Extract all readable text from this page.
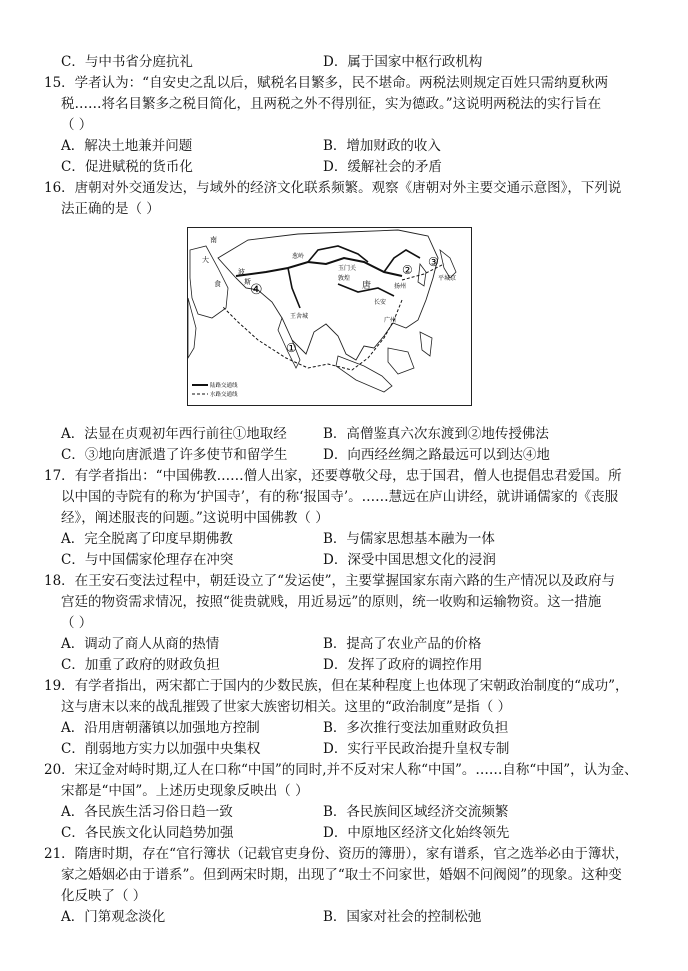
C．与中书省分庭抗礼	D．属于国家中枢行政机构
15．学者认为：“自安史之乱以后，赋税名目繁多，民不堪命。两税法则规定百姓只需纳夏秋两
税……将名目繁多之税目简化，且两税之外不得別征，实为德政。”这说明两税法的实行旨在
（ ）
A．解决土地兼并问题	B．增加财政的收入
C．促进赋税的货币化	D．缓解社会的矛盾
16．唐朝对外交通发达，与域外的经济文化联系频繁。观察《唐朝对外主要交通示意图》，下列说
法正确的是（ ）
南
大
食
波
斯
葱岭
玉门关
敦煌
唐
长安
扬州
广州
平城京
王舍城
①
②
③
④
陆路交通线
水路交通线
A．法显在贞观初年西行前往①地取经	B．高僧鉴真六次东渡到②地传授佛法
C．③地向唐派遣了许多使节和留学生	D．向西经丝绸之路最远可以到达④地
17．有学者指出：“中国佛教……僧人出家，还要尊敬父母，忠于国君，僧人也提倡忠君爱国。所
以中国的寺院有的称为‘护国寺’，有的称‘报国寺’。……慧远在庐山讲经，就讲诵儒家的《丧服
经》，阐述服丧的问题。”这说明中国佛教（ ）
A．完全脱离了印度早期佛教	B．与儒家思想基本融为一体
C．与中国儒家伦理存在冲突	D．深受中国思想文化的浸润
18．在王安石变法过程中，朝廷设立了“发运使”，主要掌握国家东南六路的生产情况以及政府与
宫廷的物资需求情况，按照“徙贵就贱，用近易远”的原则，统一收购和运输物资。这一措施
（ ）
A．调动了商人从商的热情	B．提高了农业产品的价格
C．加重了政府的财政负担	D．发挥了政府的调控作用
19．有学者指出，两宋都亡于国内的少数民族，但在某种程度上也体现了宋朝政治制度的“成功”，
这与唐末以来的战乱摧毁了世家大族密切相关。这里的“政治制度”是指（ ）
A．沿用唐朝藩镇以加强地方控制	B．多次推行变法加重财政负担
C．削弱地方实力以加强中央集权	D．实行平民政治提升皇权专制
20．宋辽金对峙时期,辽人在口称“中国”的同时,并不反对宋人称“中国”。……自称“中国”，认为金、
宋都是“中国”。上述历史现象反映出（ ）
A．各民族生活习俗日趋一致	B．各民族间区域经济交流频繁
C．各民族文化认同趋势加强	D．中原地区经济文化始终领先
21．隋唐时期，存在“官行簿状（记载官吏身份、资历的簿册），家有谱系，官之选举必由于簿状，
家之婚姻必由于谱系”。但到两宋时期，出现了“取士不问家世，婚姻不问阀阅”的现象。这种变
化反映了（ ）
A．门第观念淡化	B．国家对社会的控制松弛
